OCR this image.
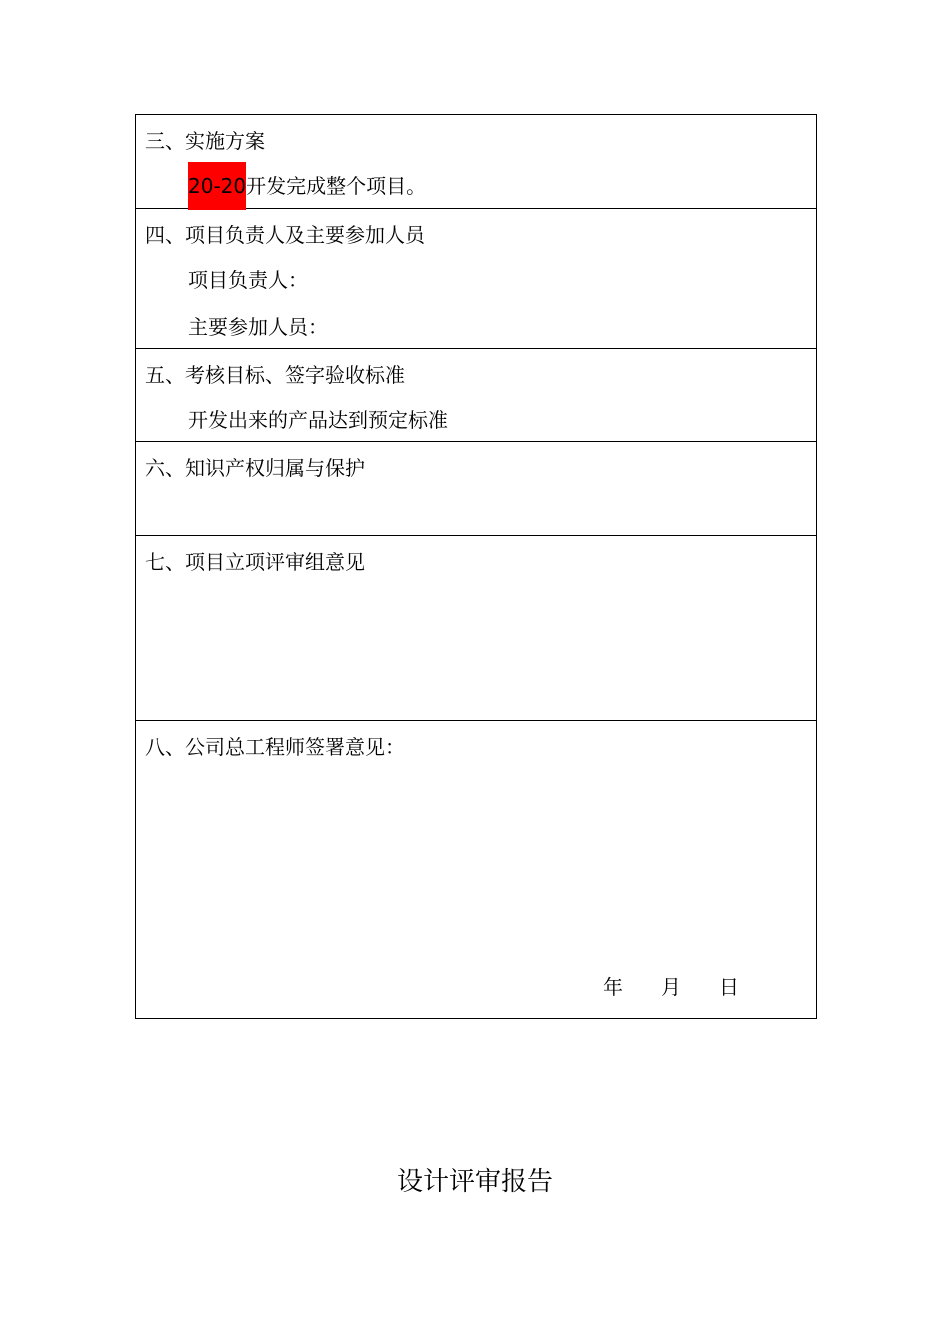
三、实施方案
20-20开发完成整个项目。
四、项目负责人及主要参加人员
项目负责人：
主要参加人员：
五、考核目标、签字验收标准
开发出来的产品达到预定标准
六、知识产权归属与保护
七、项目立项评审组意见
八、公司总工程师签署意见：
年 月 日
设计评审报告
